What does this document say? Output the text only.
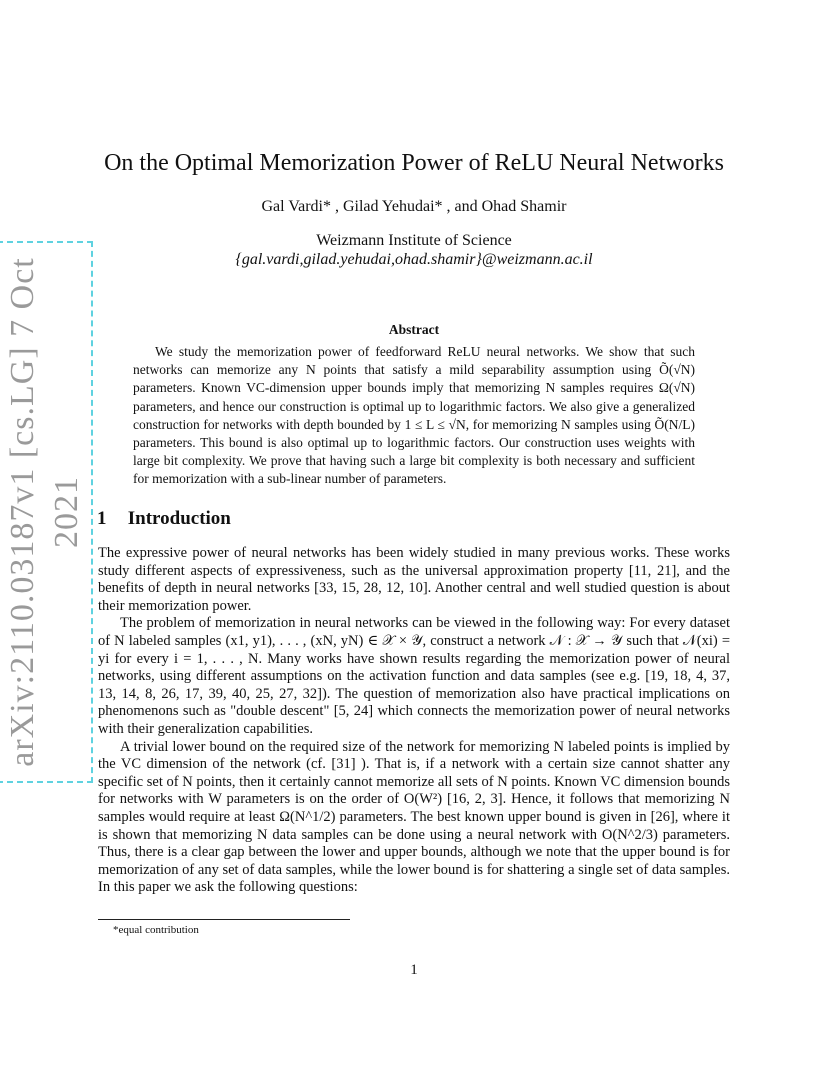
arXiv:2110.03187v1 [cs.LG] 7 Oct 2021
On the Optimal Memorization Power of ReLU Neural Networks
Gal Vardi* , Gilad Yehudai* , and Ohad Shamir
Weizmann Institute of Science
{gal.vardi,gilad.yehudai,ohad.shamir}@weizmann.ac.il
Abstract

We study the memorization power of feedforward ReLU neural networks. We show that such networks can memorize any N points that satisfy a mild separability assumption using Õ(√N) parameters. Known VC-dimension upper bounds imply that memorizing N samples requires Ω(√N) parameters, and hence our construction is optimal up to logarithmic factors. We also give a generalized construction for networks with depth bounded by 1 ≤ L ≤ √N, for memorizing N samples using Õ(N/L) parameters. This bound is also optimal up to logarithmic factors. Our construction uses weights with large bit complexity. We prove that having such a large bit complexity is both necessary and sufficient for memorization with a sub-linear number of parameters.

1 Introduction

The expressive power of neural networks has been widely studied in many previous works. These works study different aspects of expressiveness, such as the universal approximation property [11, 21], and the benefits of depth in neural networks [33, 15, 28, 12, 10]. Another central and well studied question is about their memorization power.

The problem of memorization in neural networks can be viewed in the following way: For every dataset of N labeled samples (x1, y1), . . . , (xN, yN) ∈ 𝒳 × 𝒴, construct a network 𝒩 : 𝒳 → 𝒴 such that 𝒩(xi) = yi for every i = 1, . . . , N. Many works have shown results regarding the memorization power of neural networks, using different assumptions on the activation function and data samples (see e.g. [19, 18, 4, 37, 13, 14, 8, 26, 17, 39, 40, 25, 27, 32]). The question of memorization also have practical implications on phenomenons such as "double descent" [5, 24] which connects the memorization power of neural networks with their generalization capabilities.

A trivial lower bound on the required size of the network for memorizing N labeled points is implied by the VC dimension of the network (cf. [31] ). That is, if a network with a certain size cannot shatter any specific set of N points, then it certainly cannot memorize all sets of N points. Known VC dimension bounds for networks with W parameters is on the order of O(W²) [16, 2, 3]. Hence, it follows that memorizing N samples would require at least Ω(N^1/2) parameters. The best known upper bound is given in [26], where it is shown that memorizing N data samples can be done using a neural network with O(N^2/3) parameters. Thus, there is a clear gap between the lower and upper bounds, although we note that the upper bound is for memorization of any set of data samples, while the lower bound is for shattering a single set of data samples. In this paper we ask the following questions:

*equal contribution
1
